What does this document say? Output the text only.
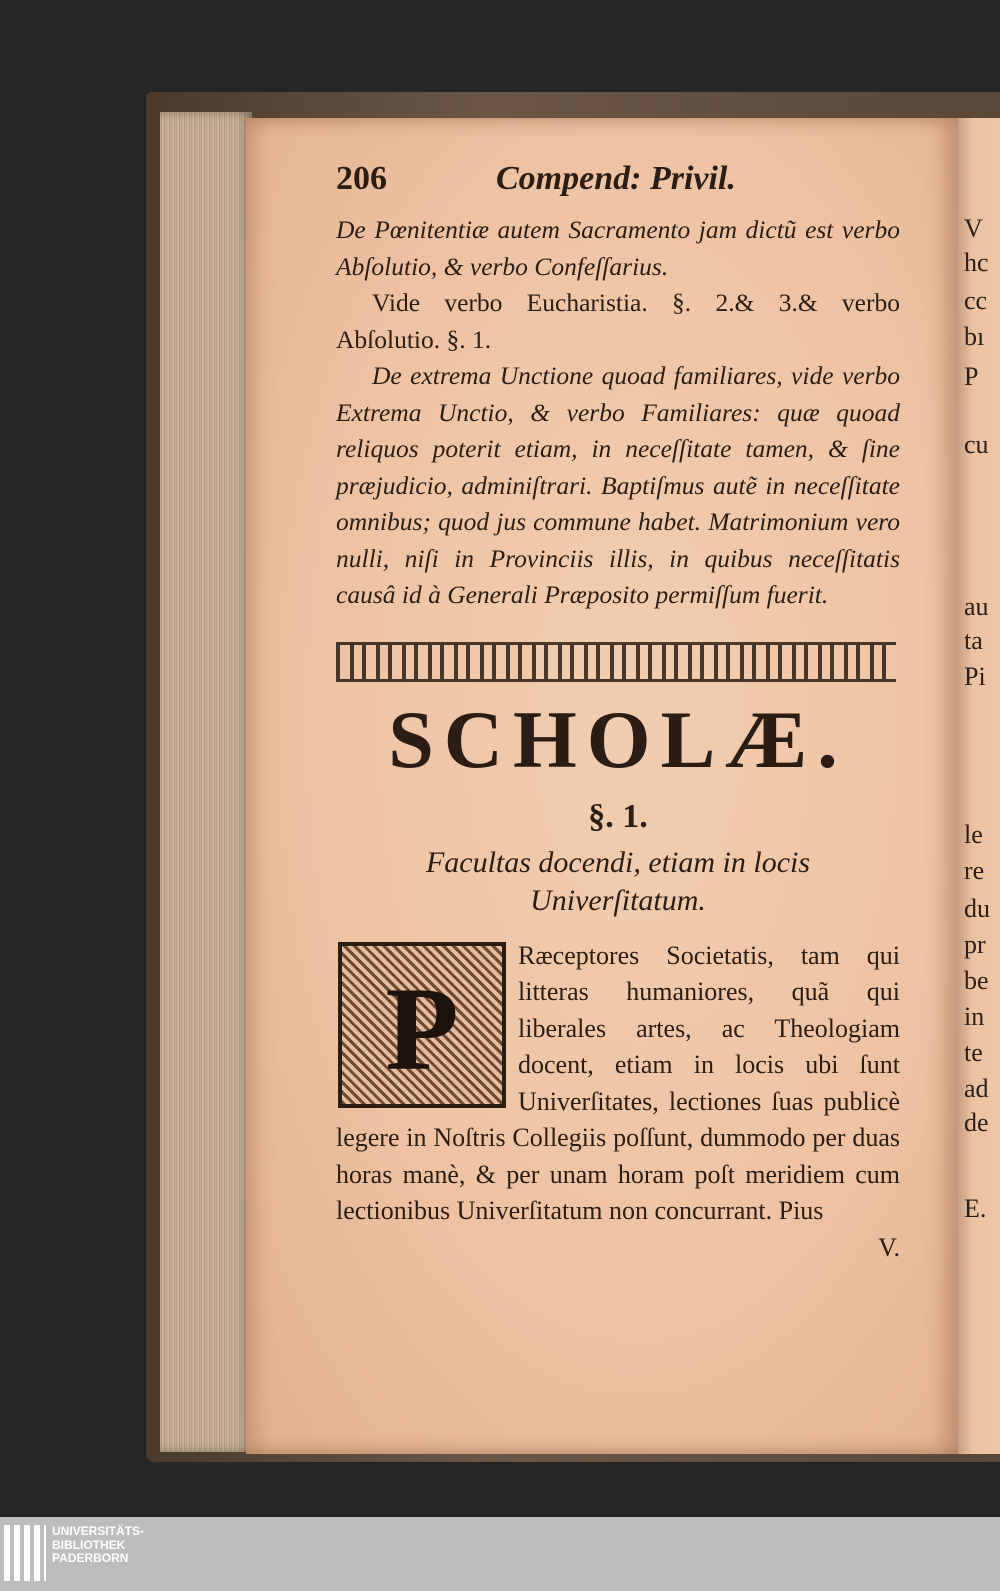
V
hc
cc
bı
P
cu
au
ta
Pi
le
re
du
pr
be
in
te
ad
de
E.
206	Compend: Privil.

De Pœnitentiæ autem Sacramento jam dictũ est verbo Abſolutio, & verbo Confeſſarius.

Vide verbo Eucharistia. §. 2.& 3.& verbo Abſolutio. §. 1.

De extrema Unctione quoad familiares, vide verbo Extrema Unctio, & verbo Familiares: quæ quoad reliquos poterit etiam, in neceſſitate tamen, & ſine præjudicio, adminiſtrari. Baptiſmus autẽ in neceſſitate omnibus; quod jus commune habet. Matrimonium vero nulli, niſi in Provinciis illis, in quibus neceſſitatis causâ id à Generali Præposito permiſſum fuerit.

SCHOLÆ.

§. 1.

Facultas docendi, etiam in locis Univerſitatum.

P

Ræceptores Societatis, tam qui litteras humaniores, quã qui liberales artes, ac Theologiam docent, etiam in locis ubi ſunt Univerſitates, lectiones ſuas publicè legere in Noſtris Collegiis poſſunt, dummodo per duas horas manè, & per unam horam poſt meridiem cum lectionibus Univerſitatum non concurrant. Pius

V.

UNIVERSITÄTS-
BIBLIOTHEK
PADERBORN
